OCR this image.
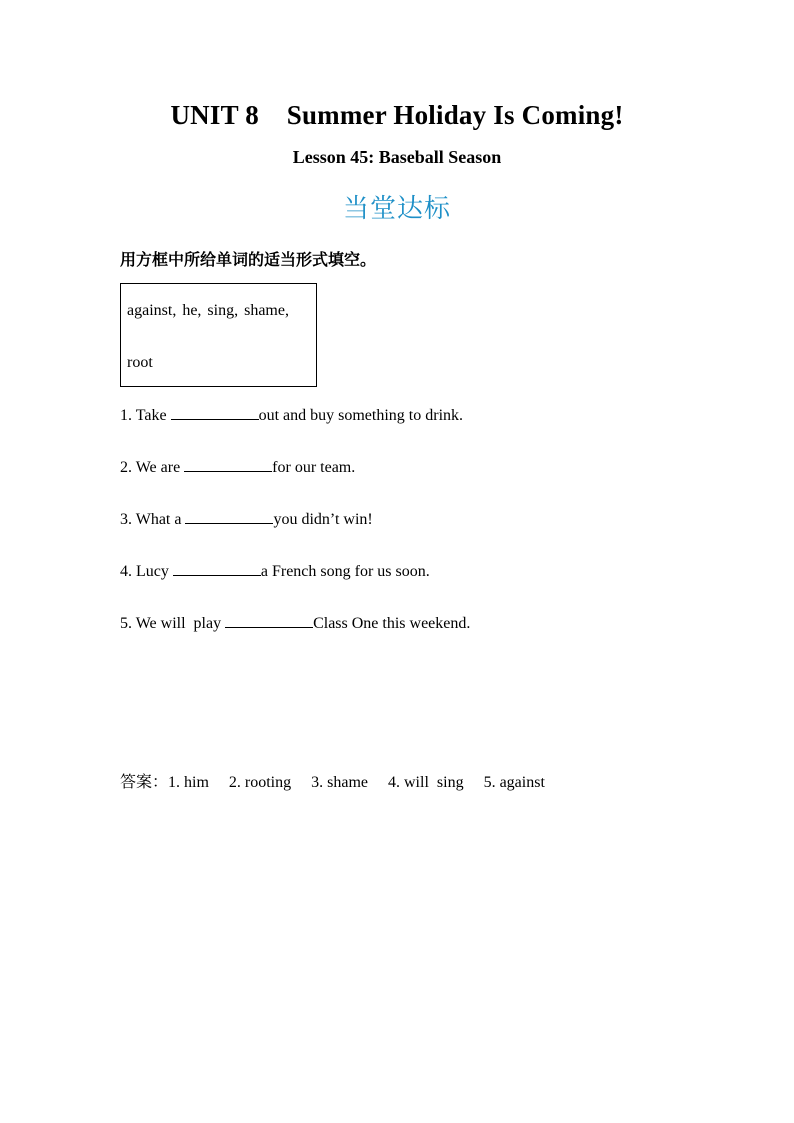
UNIT 8    Summer Holiday Is Coming!
Lesson 45: Baseball Season
当堂达标
用方框中所给单词的适当形式填空。
against, he, sing, shame,
root
1. Take	out and buy something to drink.
2. We are	for our team.
3. What a	you didn’t win!
4. Lucy	a French song for us soon.
5. We will  play	Class One this weekend.
答案：1. him 2. rooting 3. shame 4. will  sing 5. against
